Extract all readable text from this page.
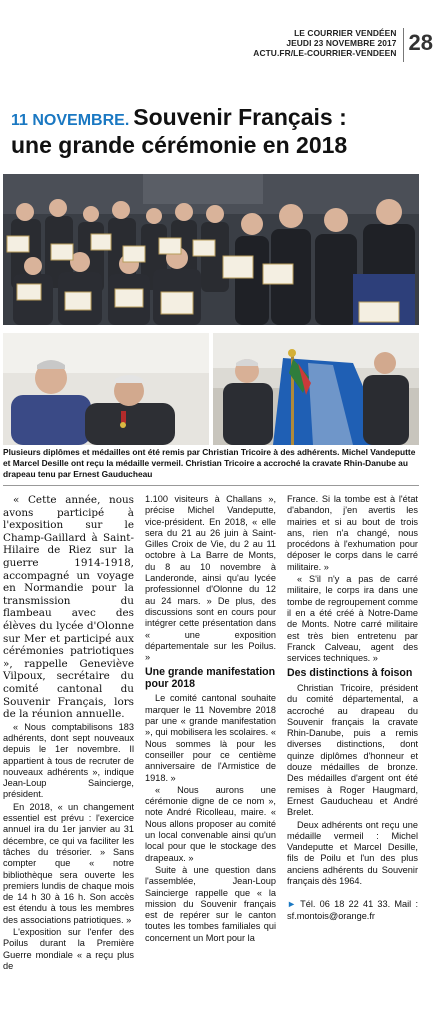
LE COURRIER VENDÉEN
JEUDI 23 NOVEMBRE 2017
ACTU.FR/LE-COURRIER-VENDEEN 28
11 NOVEMBRE. Souvenir Français :
une grande cérémonie en 2018
Plusieurs diplômes et médailles ont été remis par Christian Tricoire à des adhérents. Michel Vandeputte et Marcel Desille ont reçu la médaille vermeil. Christian Tricoire a accroché la cravate Rhin-Danube au drapeau tenu par Ernest Gauducheau

« Cette année, nous avons participé à l'exposition sur le Champ-Gaillard à Saint-Hilaire de Riez sur la guerre 1914-1918, accompagné un voyage en Normandie pour la transmission du flambeau avec des élèves du lycée d'Olonne sur Mer et participé aux cérémonies patriotiques », rappelle Geneviève Vilpoux, secrétaire du comité cantonal du Souvenir Français, lors de la réunion annuelle.

« Nous comptabilisons 183 adhérents, dont sept nouveaux depuis le 1er novembre. Il appartient à tous de recruter de nouveaux adhérents », indique Jean-Loup Saincierge, président.

En 2018, « un changement essentiel est prévu : l'exercice annuel ira du 1er janvier au 31 décembre, ce qui va faciliter les tâches du trésorier. » Sans compter que « notre bibliothèque sera ouverte les premiers lundis de chaque mois de 14 h 30 à 16 h. Son accès est étendu à tous les membres des associations patriotiques. »

L'exposition sur l'enfer des Poilus durant la Première Guerre mondiale « a reçu plus de

1.100 visiteurs à Challans », précise Michel Vandeputte, vice-président. En 2018, « elle sera du 21 au 26 juin à Saint-Gilles Croix de Vie, du 2 au 11 octobre à La Barre de Monts, du 8 au 10 novembre à Landeronde, ainsi qu'au lycée professionnel d'Olonne du 12 au 24 mars. » De plus, des discussions sont en cours pour intégrer cette présentation dans « une exposition départementale sur les Poilus. »

Une grande manifestation pour 2018

Le comité cantonal souhaite marquer le 11 Novembre 2018 par une « grande manifestation », qui mobilisera les scolaires. « Nous sommes là pour les conseiller pour ce centième anniversaire de l'Armistice de 1918. »

« Nous aurons une cérémonie digne de ce nom », note André Ricolleau, maire. « Nous allons proposer au comité un local convenable ainsi qu'un local pour que le stockage des drapeaux. »

Suite à une question dans l'assemblée, Jean-Loup Saincierge rappelle que « la mission du Souvenir français est de repérer sur le canton toutes les tombes familiales qui concernent un Mort pour la

France. Si la tombe est à l'état d'abandon, j'en avertis les mairies et si au bout de trois ans, rien n'a changé, nous procédons à l'exhumation pour déposer le corps dans le carré militaire. »

« S'il n'y a pas de carré militaire, le corps ira dans une tombe de regroupement comme il en a été créé à Notre-Dame de Monts. Notre carré militaire est très bien entretenu par Franck Calveau, agent des services techniques. »

Des distinctions à foison

Christian Tricoire, président du comité départemental, a accroché au drapeau du Souvenir français la cravate Rhin-Danube, puis a remis diverses distinctions, dont quinze diplômes d'honneur et douze médailles de bronze. Des médailles d'argent ont été remises à Roger Haugmard, Ernest Gauducheau et André Brelet.

Deux adhérents ont reçu une médaille vermeil : Michel Vandeputte et Marcel Desille, fils de Poilu et l'un des plus anciens adhérents du Souvenir français dès 1964.

► Tél. 06 18 22 41 33. Mail : sf.montois@orange.fr
